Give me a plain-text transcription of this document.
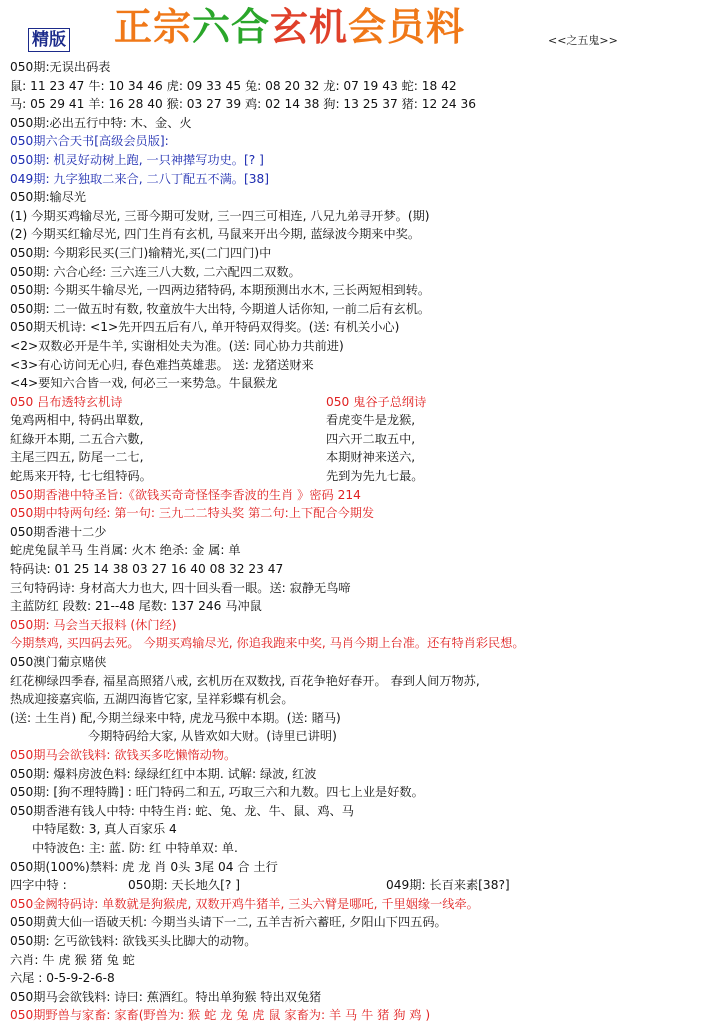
精版 正宗六合玄机会员料	<<之五鬼>>
050期:无误出码表
鼠: 11 23 47 牛: 10 34 46 虎: 09 33 45 兔: 08 20 32 龙: 07 19 43 蛇: 18 42
马: 05 29 41 羊: 16 28 40 猴: 03 27 39 鸡: 02 14 38 狗: 13 25 37 猪: 12 24 36
050期:必出五行中特: 木、金、火
050期六合天书[高级会员版]:
050期: 机灵好动树上跑, 一只神撵写功史。[? ]
049期: 九字独取二来合, 二八丁配五不满。[38]
050期:输尽光
(1) 今期买鸡输尽光, 三哥今期可发财, 三一四三可相连, 八兄九弟寻开梦。(期)
(2) 今期买红输尽光, 四门生肖有玄机, 马鼠来开出今期, 蓝绿波今期来中奖。
050期: 今期彩民买(三门)输精光,买(二门四门)中
050期: 六合心经: 三六连三八大数, 二六配四二双数。
050期: 今期买牛输尽光, 一四两边猪特码, 本期预测出水木, 三长两短相到转。
050期: 二一做五时有数, 牧童放牛大出特, 今期道人话你知, 一前二后有玄机。
050期天机诗: <1>先开四五后有八, 单开特码双得奖。(送: 有机关小心)
<2>双数必开是牛羊, 实谢相处夫为准。(送: 同心协力共前进)
<3>有心访问无心归, 春色难挡英雄悲。 送: 龙猪送财来
<4>要知六合皆一戏, 何必三一来势急。牛鼠猴龙
050 吕布透特玄机诗	050 鬼谷子总纲诗
兔鸡两相中, 特码出單数,	看虎变牛是龙猴,
紅綠开本期, 二五合六數,	四六开二取五中,
主尾三四五, 防尾一二七,	本期财神来送六,
蛇馬来开特, 七七组特码。	先到为先九七最。
050期香港中特圣旨:《欲钱买奇奇怪怪李香波的生肖 》密码 214
050期中特两句经: 第一句: 三九二二特头奖 第二句:上下配合今期发
050期香港十二少
蛇虎兔鼠羊马 生肖属: 火木 绝杀: 金 属: 单
特码诀: 01 25 14 38 03 27 16 40 08 32 23 47
三句特码诗: 身材高大力也大, 四十回头看一眼。送: 寂静无鸟啼
主蓝防红 段数: 21--48 尾数: 137 246 马冲鼠
050期: 马会当天报料 (休门经)
今期禁鸡, 买四码去死。 今期买鸡输尽光, 你追我跑来中奖, 马肖今期上台准。还有特肖彩民想。
050澳门葡京赌侠
红花柳绿四季春, 福星高照猪八戒, 玄机历在双数找, 百花争艳好春开。 春到人间万物苏,
热成迎接嘉宾临, 五湖四海皆它家, 呈祥彩蝶有机会。
(送: 土生肖) 配,今期兰绿来中特, 虎龙马猴中本期。(送: 賭马)
今期特码给大家, 从皆欢如大财。(诗里已讲明)
050期马会欲钱料: 欲钱买多吃懒惰动物。
050期: 爆料房波色料: 绿绿红红中本期. 试解: 绿波, 红波
050期: [狗不理特腾] : 旺门特码二和五, 巧取三六和九数。四七上业是好数。
050期香港有钱人中特: 中特生肖: 蛇、兔、龙、牛、鼠、鸡、马
中特尾数: 3, 真人百家乐 4
中特波色: 主: 蓝. 防: 红 中特单双: 单.
050期(100%)禁料: 虎 龙 肖 0头 3尾 04 合 土行
四字中特 :	050期: 天长地久[? ]	049期: 长百来素[38?]
050金阙特码诗: 单数就是狗猴虎, 双数开鸡牛猪羊, 三头六臂是哪吒, 千里姻缘一线牵。
050期黄大仙一语破天机: 今期当头请下一二, 五羊吉祈六蓄旺, 夕阳山下四五码。
050期: 乞丐欲钱料: 欲钱买头比脚大的动物。
六肖: 牛 虎 猴 猪 兔 蛇
六尾 : 0-5-9-2-6-8
050期马会欲钱料: 诗曰: 蕉酒红。特出单狗猴 特出双兔猪
050期野兽与家畜: 家畜(野兽为: 猴 蛇 龙 兔 虎 鼠 家畜为: 羊 马 牛 猪 狗 鸡 )
